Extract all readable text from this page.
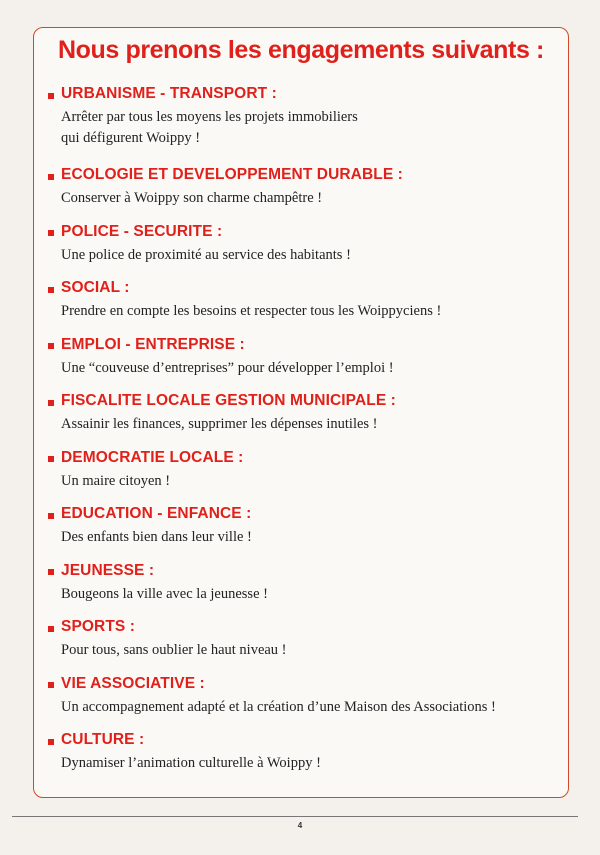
Nous prenons les engagements suivants :
URBANISME - TRANSPORT :
Arrêter par tous les moyens les projets immobiliers
qui défigurent Woippy !
ECOLOGIE ET DEVELOPPEMENT DURABLE :
Conserver à Woippy son charme champêtre !
POLICE - SECURITE :
Une police de proximité au service des habitants !
SOCIAL :
Prendre en compte les besoins et respecter tous les Woippyciens !
EMPLOI - ENTREPRISE :
Une “couveuse d’entreprises” pour développer l’emploi !
FISCALITE LOCALE GESTION MUNICIPALE :
Assainir les finances, supprimer les dépenses inutiles !
DEMOCRATIE LOCALE :
Un maire citoyen !
EDUCATION - ENFANCE :
Des enfants bien dans leur ville !
JEUNESSE :
Bougeons la ville avec la jeunesse !
SPORTS :
Pour tous, sans oublier le haut niveau !
VIE ASSOCIATIVE :
Un accompagnement adapté et la création d’une Maison des Associations !
CULTURE :
Dynamiser l’animation culturelle à Woippy !
4
